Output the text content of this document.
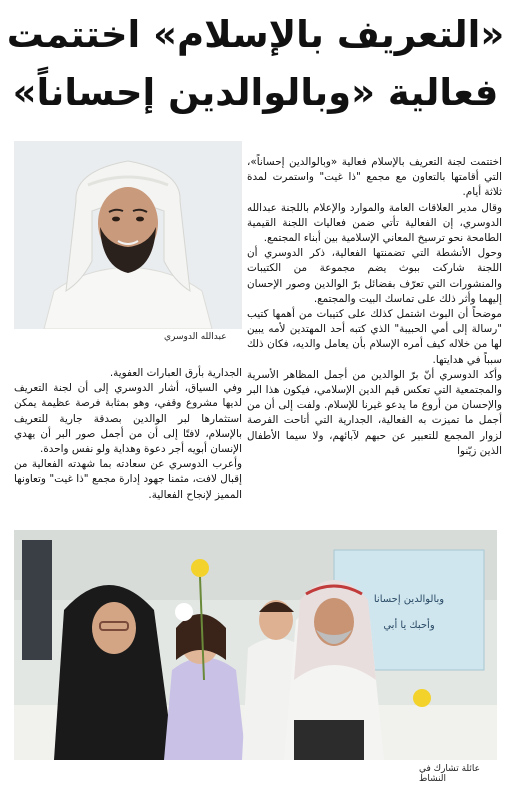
«التعريف بالإسلام» اختتمت
فعالية «وبالوالدين إحساناً»
عبدالله الدوسري

اختتمت لجنة التعريف بالإسلام فعالية «وبالوالدين إحساناً»، التي أقامتها بالتعاون مع مجمع "ذا غيت" واستمرت لمدة ثلاثة أيام.

وقال مدير العلاقات العامة والموارد والإعلام باللجنة عبدالله الدوسري، إن الفعالية تأتي ضمن فعاليات اللجنة القيمية الطامحة نحو ترسيخ المعاني الإسلامية بين أبناء المجتمع.

وحول الأنشطة التي تضمنتها الفعالية، ذكر الدوسري أن اللجنة شاركت ببوث يضم مجموعة من الكتيبات والمنشورات التي تعرّف بفضائل برّ الوالدين وصور الإحسان إليهما وأثر ذلك على تماسك البيت والمجتمع.

موضحاً أن البوث اشتمل كذلك على كتيبات من أهمها كتيب "رسالة إلى أمي الحبيبة" الذي كتبه أحد المهتدين لأمه يبين لها من خلاله كيف أمره الإسلام بأن يعامل والديه، فكان ذلك سبباً في هدايتها.

وأكد الدوسري أنّ برّ الوالدين من أجمل المظاهر الأسرية والمجتمعية التي تعكس قيم الدين الإسلامي، فيكون هذا البر والإحسان من أروع ما يدعو غيرنا للإسلام. ولفت إلى أن من أجمل ما تميزت به الفعالية، الجدارية التي أتاحت الفرصة لزوار المجمع للتعبير عن حبهم لآبائهم، ولا سيما الأطفال الذين زيّنوا

الجدارية بأرق العبارات العفوية.

وفي السياق، أشار الدوسري إلى أن لجنة التعريف لديها مشروع وقفي، وهو بمثابة فرصة عظيمة يمكن استثمارها لبر الوالدين بصدقة جارية للتعريف بالإسلام، لافتًا إلى أن من أجمل صور البر أن يهدي الإنسان أبويه أجر دعوة وهداية ولو نفس واحدة.

وأعرب الدوسري عن سعادته بما شهدته الفعالية من إقبال لافت، مثمنا جهود إدارة مجمع "ذا غيت" وتعاونها المميز لإنجاح الفعالية.

وبالوالدين إحسانا
وأحبك يا أبي
عائلة تشارك في النشاط
